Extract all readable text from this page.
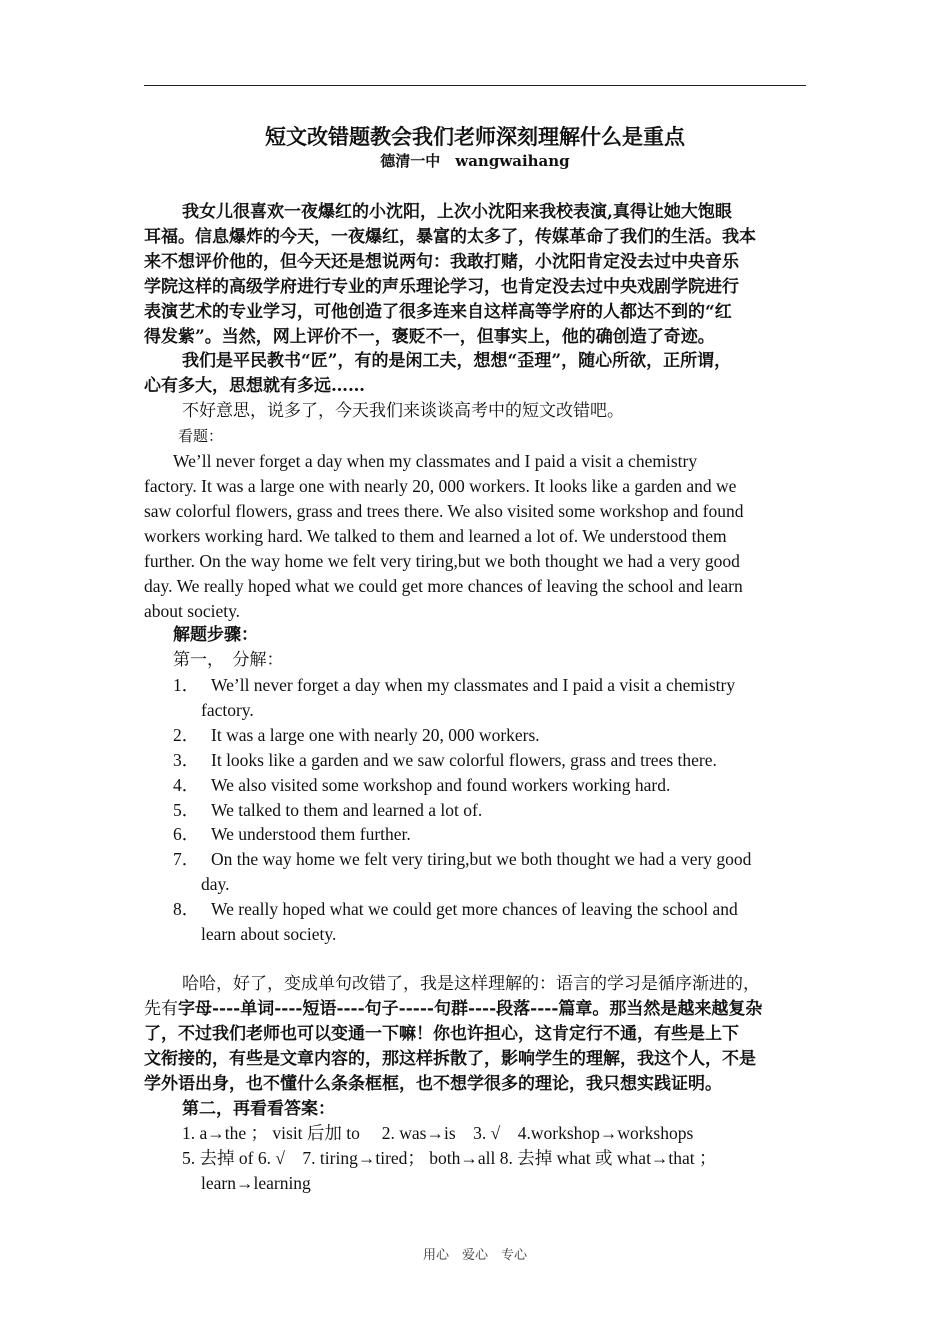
短文改错题教会我们老师深刻理解什么是重点
德清一中　wangwaihang
我女儿很喜欢一夜爆红的小沈阳，上次小沈阳来我校表演,真得让她大饱眼
耳福。信息爆炸的今天，一夜爆红，暴富的太多了，传媒革命了我们的生活。我本
来不想评价他的，但今天还是想说两句：我敢打赌，小沈阳肯定没去过中央音乐
学院这样的高级学府进行专业的声乐理论学习，也肯定没去过中央戏剧学院进行
表演艺术的专业学习，可他创造了很多连来自这样高等学府的人都达不到的“红
得发紫”。当然，网上评价不一，褒贬不一，但事实上，他的确创造了奇迹。
我们是平民教书“匠”，有的是闲工夫，想想“歪理”，随心所欲，正所谓，
心有多大，思想就有多远……
不好意思，说多了，今天我们来谈谈高考中的短文改错吧。
看题：
We’ll never forget a day when my classmates and I paid a visit a chemistry
factory. It was a large one with nearly 20, 000 workers. It looks like a garden and we
saw colorful flowers, grass and trees there. We also visited some workshop and found
workers working hard. We talked to them and learned a lot of. We understood them
further. On the way home we felt very tiring,but we both thought we had a very good
day. We really hoped what we could get more chances of leaving the school and learn
about society.
解题步骤：
第一，　分解：
1． We’ll never forget a day when my classmates and I paid a visit a chemistry
factory.
2． It was a large one with nearly 20, 000 workers.
3． It looks like a garden and we saw colorful flowers, grass and trees there.
4． We also visited some workshop and found workers working hard.
5． We talked to them and learned a lot of.
6． We understood them further.
7． On the way home we felt very tiring,but we both thought we had a very good
day.
8． We really hoped what we could get more chances of leaving the school and
learn about society.
哈哈，好了，变成单句改错了，我是这样理解的：语言的学习是循序渐进的，
先有字母----单词----短语----句子-----句群----段落----篇章。那当然是越来越复杂
了，不过我们老师也可以变通一下嘛！你也许担心，这肯定行不通，有些是上下
文衔接的，有些是文章内容的，那这样拆散了，影响学生的理解，我这个人，不是
学外语出身，也不懂什么条条框框，也不想学很多的理论，我只想实践证明。
第二，再看看答案：
1. a→the ； visit 后加 to　 2. was→is　3. √　4.workshop→workshops
5. 去掉 of 6. √　7. tiring→tired； both→all 8. 去掉 what 或 what→that ；
learn→learning
用心　爱心　专心
